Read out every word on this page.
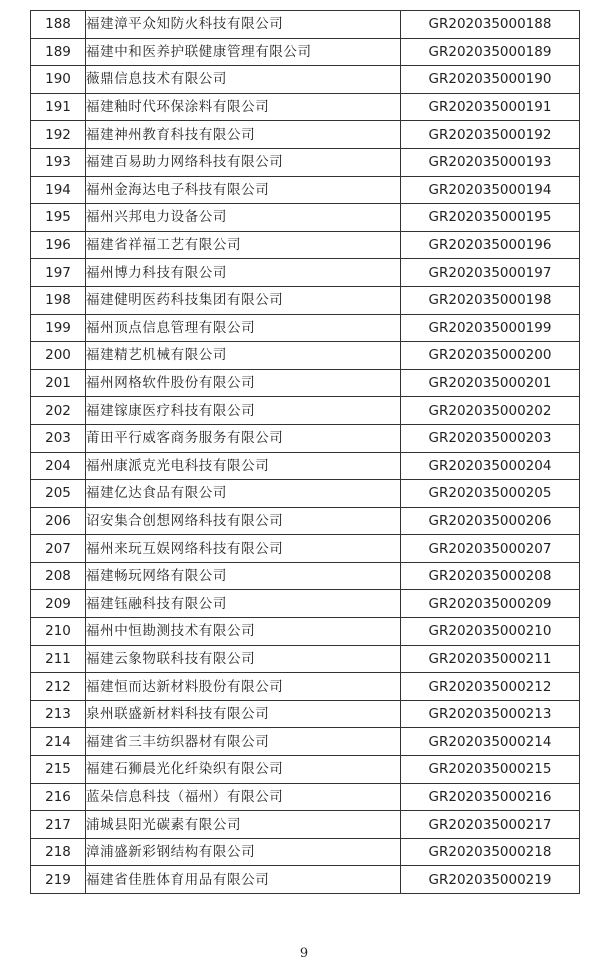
188	福建漳平众知防火科技有限公司	GR202035000188
189	福建中和医养护联健康管理有限公司	GR202035000189
190	薇鼎信息技术有限公司	GR202035000190
191	福建釉时代环保涂料有限公司	GR202035000191
192	福建神州教育科技有限公司	GR202035000192
193	福建百易助力网络科技有限公司	GR202035000193
194	福州金海达电子科技有限公司	GR202035000194
195	福州兴邦电力设备公司	GR202035000195
196	福建省祥福工艺有限公司	GR202035000196
197	福州博力科技有限公司	GR202035000197
198	福建健明医药科技集团有限公司	GR202035000198
199	福州顶点信息管理有限公司	GR202035000199
200	福建精艺机械有限公司	GR202035000200
201	福州网格软件股份有限公司	GR202035000201
202	福建镓康医疗科技有限公司	GR202035000202
203	莆田平行威客商务服务有限公司	GR202035000203
204	福州康派克光电科技有限公司	GR202035000204
205	福建亿达食品有限公司	GR202035000205
206	诏安集合创想网络科技有限公司	GR202035000206
207	福州来玩互娱网络科技有限公司	GR202035000207
208	福建畅玩网络有限公司	GR202035000208
209	福建钰融科技有限公司	GR202035000209
210	福州中恒勘测技术有限公司	GR202035000210
211	福建云象物联科技有限公司	GR202035000211
212	福建恒而达新材料股份有限公司	GR202035000212
213	泉州联盛新材料科技有限公司	GR202035000213
214	福建省三丰纺织器材有限公司	GR202035000214
215	福建石狮晨光化纤染织有限公司	GR202035000215
216	蓝朵信息科技（福州）有限公司	GR202035000216
217	浦城县阳光碳素有限公司	GR202035000217
218	漳浦盛新彩钢结构有限公司	GR202035000218
219	福建省佳胜体育用品有限公司	GR202035000219
9
